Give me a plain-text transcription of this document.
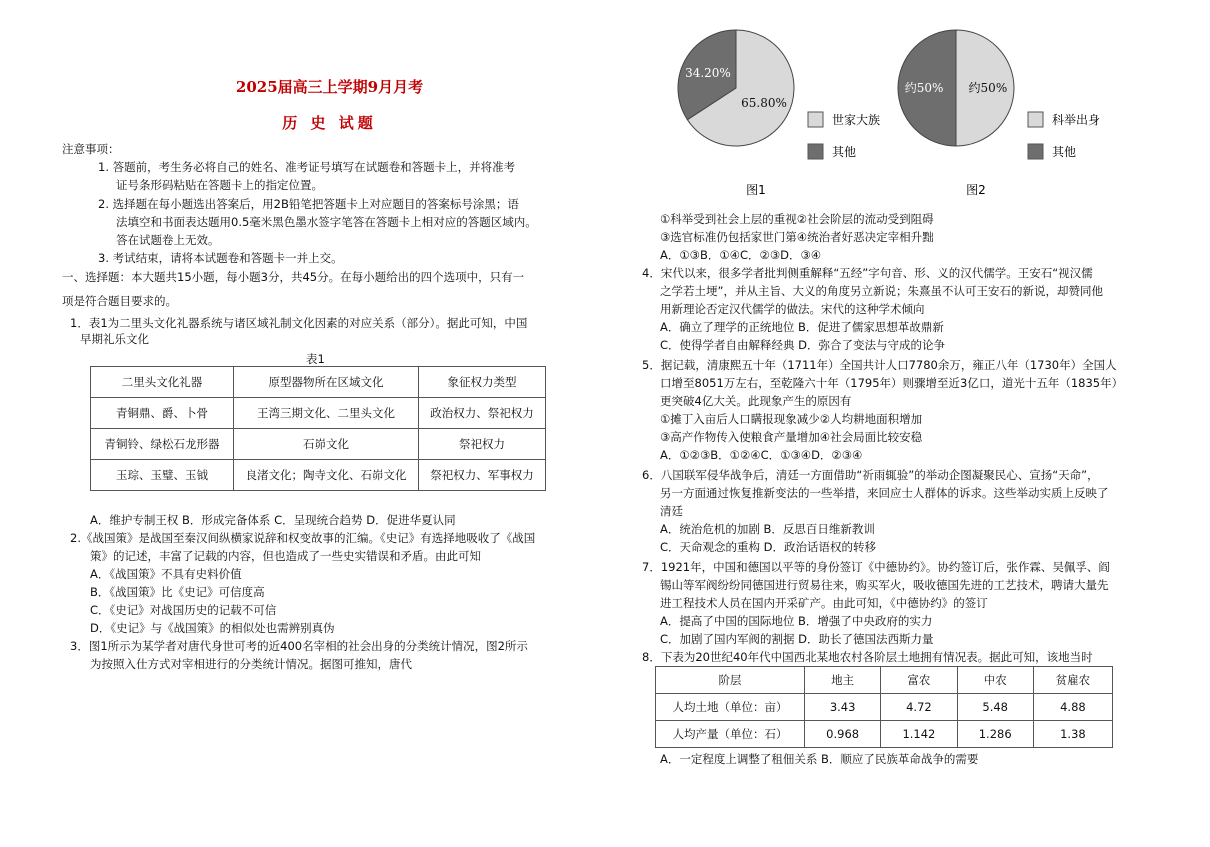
2025届高三上学期9月月考
历 史 试题
注意事项：
1. 答题前，考生务必将自己的姓名、准考证号填写在试题卷和答题卡上，并将准考
证号条形码粘贴在答题卡上的指定位置。
2. 选择题在每小题选出答案后，用2B铅笔把答题卡上对应题目的答案标号涂黑；语
法填空和书面表达题用0.5毫米黑色墨水签字笔答在答题卡上相对应的答题区域内。
答在试题卷上无效。
3. 考试结束，请将本试题卷和答题卡一并上交。
一、选择题：本大题共15小题，每小题3分，共45分。在每小题给出的四个选项中，只有一
项是符合题目要求的。
1．表1为二里头文化礼器系统与诸区域礼制文化因素的对应关系（部分）。据此可知，中国
早期礼乐文化
表1
二里头文化礼器	原型器物所在区域文化	象征权力类型
青铜鼎、爵、卜骨	王湾三期文化、二里头文化	政治权力、祭祀权力
青铜铃、绿松石龙形器	石峁文化	祭祀权力
玉琮、玉璧、玉钺	良渚文化；陶寺文化、石峁文化	祭祀权力、军事权力
A．维护专制王权 B．形成完备体系 C．呈现统合趋势 D．促进华夏认同
2.《战国策》是战国至秦汉间纵横家说辞和权变故事的汇编。《史记》有选择地吸收了《战国
策》的记述，丰富了记载的内容，但也造成了一些史实错误和矛盾。由此可知
A．《战国策》不具有史料价值
B．《战国策》比《史记》可信度高
C．《史记》对战国历史的记载不可信
D．《史记》与《战国策》的相似处也需辨别真伪
3．图1所示为某学者对唐代身世可考的近400名宰相的社会出身的分类统计情况，图2所示
为按照入仕方式对宰相进行的分类统计情况。据图可推知，唐代
65.80%
世家大族
34.20%
其他
图1
约50%
科举出身
约50%
其他
图2
①科举受到社会上层的重视②社会阶层的流动受到阻碍
③选官标准仍包括家世门第④统治者好恶决定宰相升黜
A．①③B．①④C．②③D．③④
4．宋代以来，很多学者批判侧重解释“五经”字句音、形、义的汉代儒学。王安石“视汉儒
之学若土埂”，并从主旨、大义的角度另立新说；朱熹虽不认可王安石的新说，却赞同他
用新理论否定汉代儒学的做法。宋代的这种学术倾向
A．确立了理学的正统地位 B．促进了儒家思想革故鼎新
C．使得学者自由解释经典 D．弥合了变法与守成的论争
5．据记载，清康熙五十年（1711年）全国共计人口7780余万，雍正八年（1730年）全国人
口增至8051万左右，至乾隆六十年（1795年）则骤增至近3亿口，道光十五年（1835年）
更突破4亿大关。此现象产生的原因有
①摊丁入亩后人口瞒报现象减少②人均耕地面积增加
③高产作物传入使粮食产量增加④社会局面比较安稳
A．①②③B．①②④C．①③④D．②③④
6．八国联军侵华战争后，清廷一方面借助“祈雨辄验”的举动企图凝聚民心、宣扬“天命”，
另一方面通过恢复推新变法的一些举措，来回应士人群体的诉求。这些举动实质上反映了
清廷
A．统治危机的加剧 B．反思百日维新教训
C．天命观念的重构 D．政治话语权的转移
7．1921年，中国和德国以平等的身份签订《中德协约》。协约签订后，张作霖、吴佩孚、阎
锡山等军阀纷纷同德国进行贸易往来，购买军火，吸收德国先进的工艺技术，聘请大量先
进工程技术人员在国内开采矿产。由此可知，《中德协约》的签订
A．提高了中国的国际地位 B．增强了中央政府的实力
C．加剧了国内军阀的割据 D．助长了德国法西斯力量
8．下表为20世纪40年代中国西北某地农村各阶层土地拥有情况表。据此可知，该地当时
阶层	地主	富农	中农	贫雇农
人均土地（单位：亩）	3.43	4.72	5.48	4.88
人均产量（单位：石）	0.968	1.142	1.286	1.38
A．一定程度上调整了租佃关系 B．顺应了民族革命战争的需要
